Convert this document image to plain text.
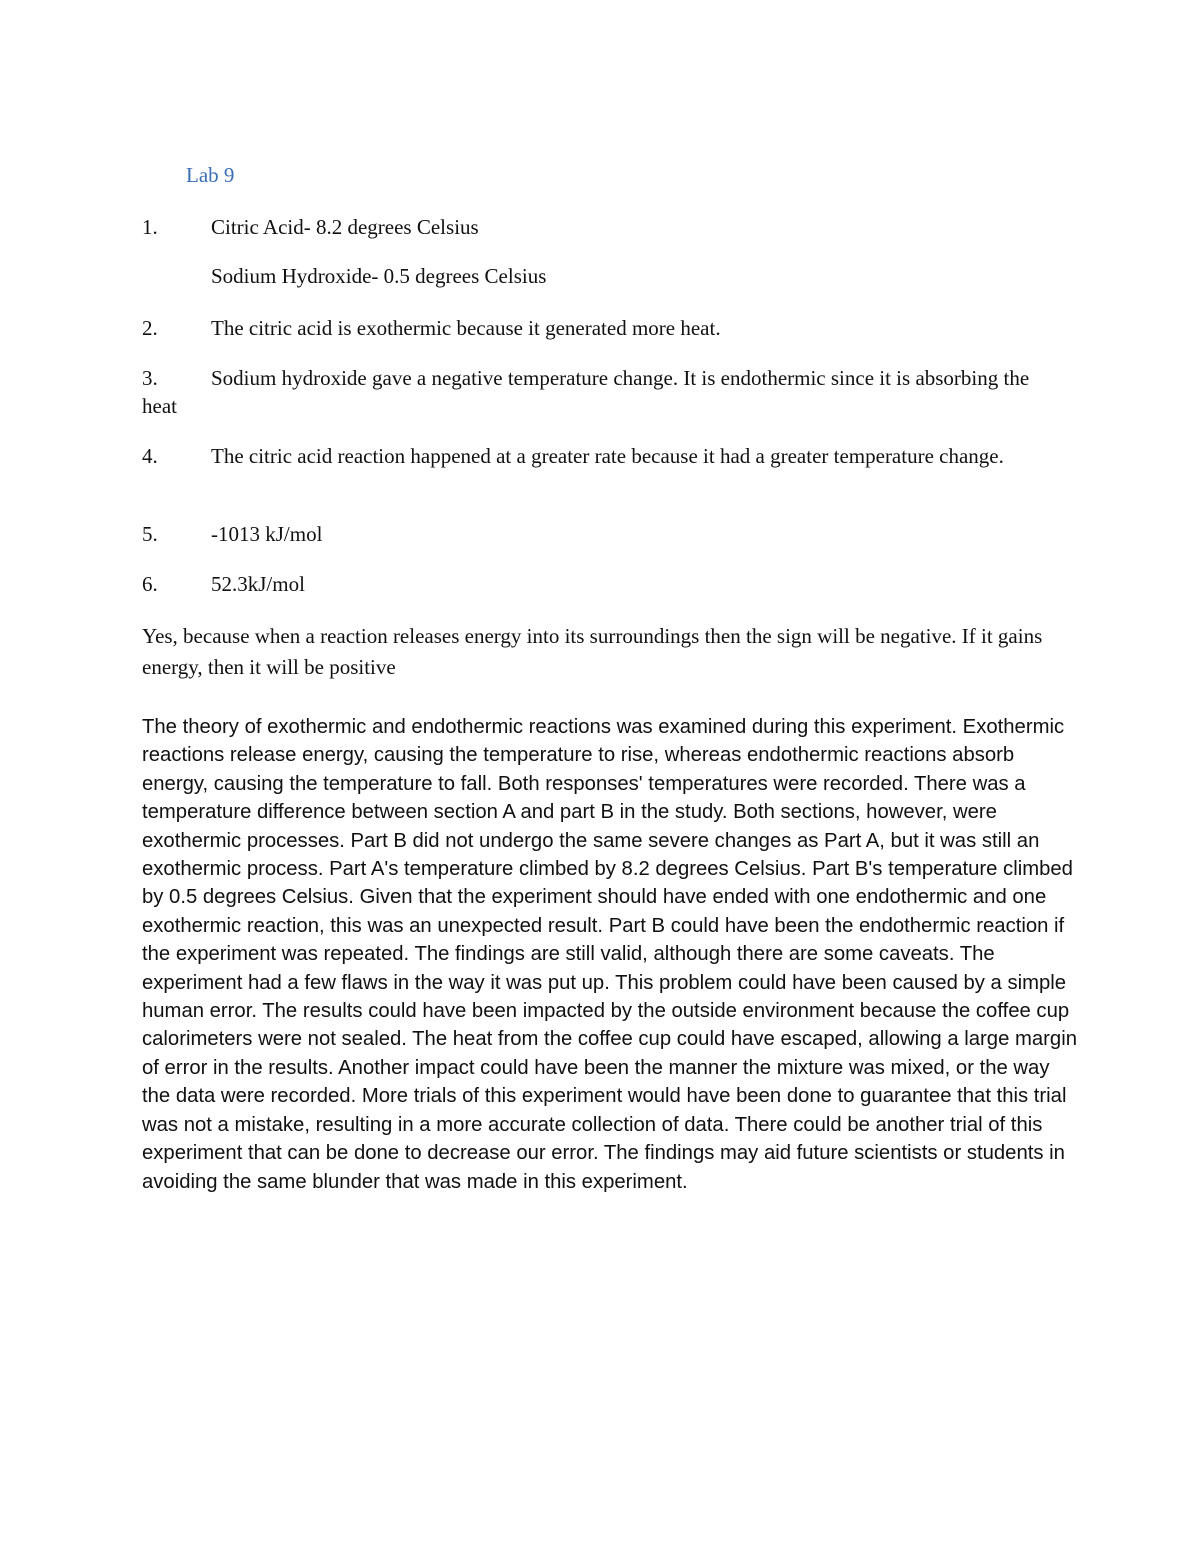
Lab 9
1.	Citric Acid- 8.2 degrees Celsius
Sodium Hydroxide- 0.5 degrees Celsius
2.	The citric acid is exothermic because it generated more heat.
3.	Sodium hydroxide gave a negative temperature change. It is endothermic since it is absorbing the heat
4.	The citric acid reaction happened at a greater rate because it had a greater temperature change.
5.	-1013 kJ/mol
6.	52.3kJ/mol
Yes, because when a reaction releases energy into its surroundings then the sign will be negative. If it gains energy, then it will be positive
The theory of exothermic and endothermic reactions was examined during this experiment. Exothermic reactions release energy, causing the temperature to rise, whereas endothermic reactions absorb energy, causing the temperature to fall. Both responses' temperatures were recorded. There was a temperature difference between section A and part B in the study. Both sections, however, were exothermic processes. Part B did not undergo the same severe changes as Part A, but it was still an exothermic process. Part A's temperature climbed by 8.2 degrees Celsius. Part B's temperature climbed by 0.5 degrees Celsius. Given that the experiment should have ended with one endothermic and one exothermic reaction, this was an unexpected result. Part B could have been the endothermic reaction if the experiment was repeated. The findings are still valid, although there are some caveats. The experiment had a few flaws in the way it was put up. This problem could have been caused by a simple human error. The results could have been impacted by the outside environment because the coffee cup calorimeters were not sealed. The heat from the coffee cup could have escaped, allowing a large margin of error in the results. Another impact could have been the manner the mixture was mixed, or the way the data were recorded. More trials of this experiment would have been done to guarantee that this trial was not a mistake, resulting in a more accurate collection of data. There could be another trial of this experiment that can be done to decrease our error. The findings may aid future scientists or students in avoiding the same blunder that was made in this experiment.
